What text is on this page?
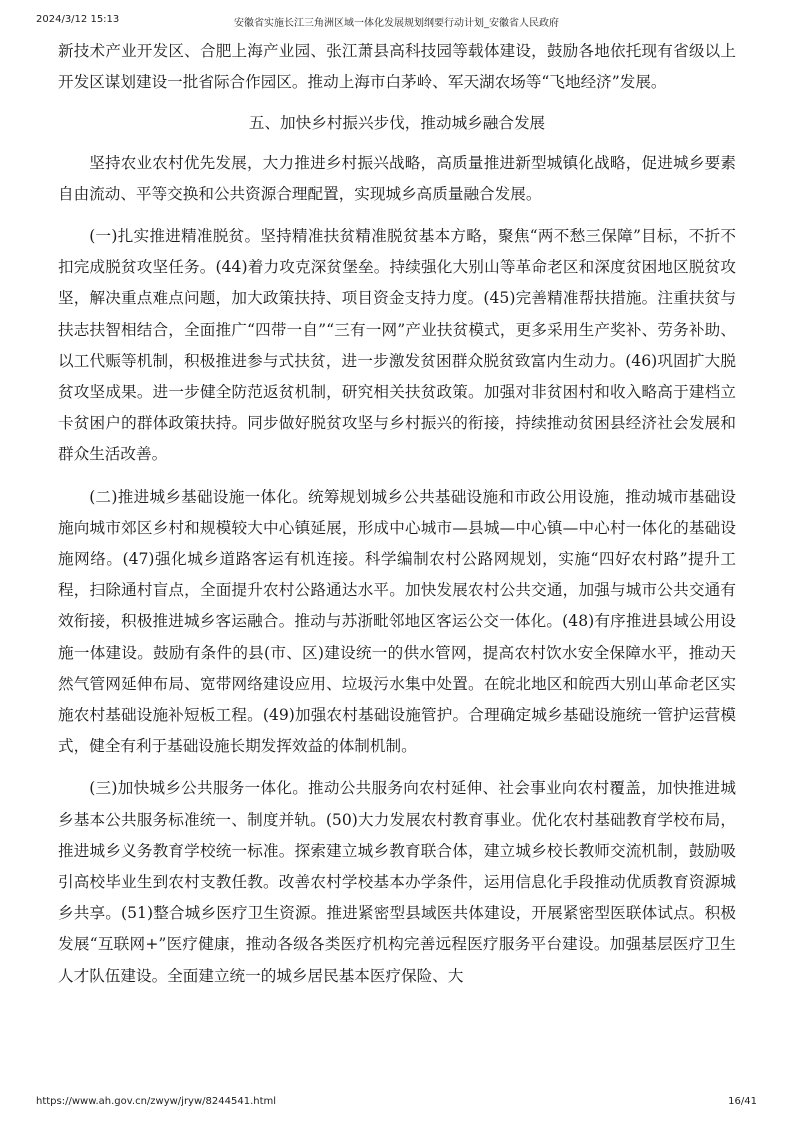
2024/3/12 15:13	安徽省实施长江三角洲区域一体化发展规划纲要行动计划_安徽省人民政府

新技术产业开发区、合肥上海产业园、张江萧县高科技园等载体建设，鼓励各地依托现有省级以上开发区谋划建设一批省际合作园区。推动上海市白茅岭、军天湖农场等“飞地经济”发展。

五、加快乡村振兴步伐，推动城乡融合发展

坚持农业农村优先发展，大力推进乡村振兴战略，高质量推进新型城镇化战略，促进城乡要素自由流动、平等交换和公共资源合理配置，实现城乡高质量融合发展。

(一)扎实推进精准脱贫。坚持精准扶贫精准脱贫基本方略，聚焦“两不愁三保障”目标，不折不扣完成脱贫攻坚任务。(44)着力攻克深贫堡垒。持续强化大别山等革命老区和深度贫困地区脱贫攻坚，解决重点难点问题，加大政策扶持、项目资金支持力度。(45)完善精准帮扶措施。注重扶贫与扶志扶智相结合，全面推广“四带一自”“三有一网”产业扶贫模式，更多采用生产奖补、劳务补助、以工代赈等机制，积极推进参与式扶贫，进一步激发贫困群众脱贫致富内生动力。(46)巩固扩大脱贫攻坚成果。进一步健全防范返贫机制，研究相关扶贫政策。加强对非贫困村和收入略高于建档立卡贫困户的群体政策扶持。同步做好脱贫攻坚与乡村振兴的衔接，持续推动贫困县经济社会发展和群众生活改善。

(二)推进城乡基础设施一体化。统筹规划城乡公共基础设施和市政公用设施，推动城市基础设施向城市郊区乡村和规模较大中心镇延展，形成中心城市—县城—中心镇—中心村一体化的基础设施网络。(47)强化城乡道路客运有机连接。科学编制农村公路网规划，实施“四好农村路”提升工程，扫除通村盲点，全面提升农村公路通达水平。加快发展农村公共交通，加强与城市公共交通有效衔接，积极推进城乡客运融合。推动与苏浙毗邻地区客运公交一体化。(48)有序推进县域公用设施一体建设。鼓励有条件的县(市、区)建设统一的供水管网，提高农村饮水安全保障水平，推动天然气管网延伸布局、宽带网络建设应用、垃圾污水集中处置。在皖北地区和皖西大别山革命老区实施农村基础设施补短板工程。(49)加强农村基础设施管护。合理确定城乡基础设施统一管护运营模式，健全有利于基础设施长期发挥效益的体制机制。

(三)加快城乡公共服务一体化。推动公共服务向农村延伸、社会事业向农村覆盖，加快推进城乡基本公共服务标准统一、制度并轨。(50)大力发展农村教育事业。优化农村基础教育学校布局，推进城乡义务教育学校统一标准。探索建立城乡教育联合体，建立城乡校长教师交流机制，鼓励吸引高校毕业生到农村支教任教。改善农村学校基本办学条件，运用信息化手段推动优质教育资源城乡共享。(51)整合城乡医疗卫生资源。推进紧密型县域医共体建设，开展紧密型医联体试点。积极发展“互联网+”医疗健康，推动各级各类医疗机构完善远程医疗服务平台建设。加强基层医疗卫生人才队伍建设。全面建立统一的城乡居民基本医疗保险、大

https://www.ah.gov.cn/zwyw/jryw/8244541.html	16/41
